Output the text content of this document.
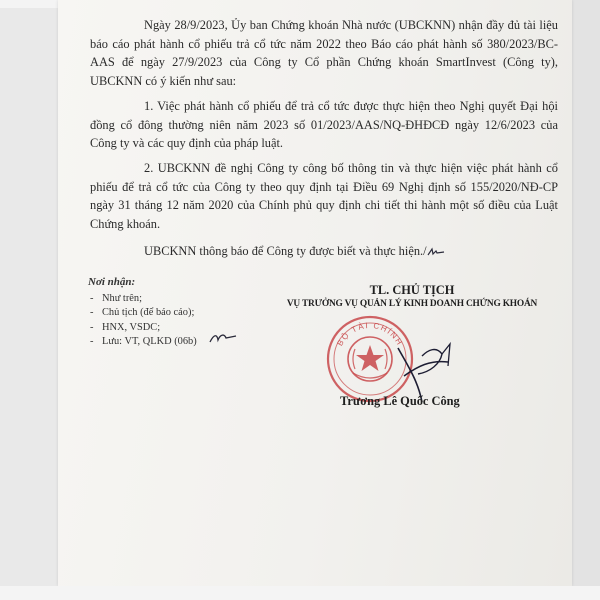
Ngày 28/9/2023, Ủy ban Chứng khoán Nhà nước (UBCKNN) nhận đầy đủ tài liệu báo cáo phát hành cổ phiếu trả cổ tức năm 2022 theo Báo cáo phát hành số 380/2023/BC-AAS để ngày 27/9/2023 của Công ty Cổ phần Chứng khoán SmartInvest (Công ty), UBCKNN có ý kiến như sau:

1. Việc phát hành cổ phiếu để trả cổ tức được thực hiện theo Nghị quyết Đại hội đồng cổ đông thường niên năm 2023 số 01/2023/AAS/NQ-ĐHĐCĐ ngày 12/6/2023 của Công ty và các quy định của pháp luật.

2. UBCKNN đề nghị Công ty công bố thông tin và thực hiện việc phát hành cổ phiếu để trả cổ tức của Công ty theo quy định tại Điều 69 Nghị định số 155/2020/NĐ-CP ngày 31 tháng 12 năm 2020 của Chính phủ quy định chi tiết thi hành một số điều của Luật Chứng khoán.

UBCKNN thông báo để Công ty được biết và thực hiện./

Nơi nhận:
- Như trên;
- Chủ tịch (để báo cáo);
- HNX, VSDC;
- Lưu: VT, QLKD (06b)
TL. CHỦ TỊCH
VỤ TRƯỞNG VỤ QUẢN LÝ KINH DOANH CHỨNG KHOÁN
BỘ TÀI CHÍNH
Trương Lê Quốc Công
